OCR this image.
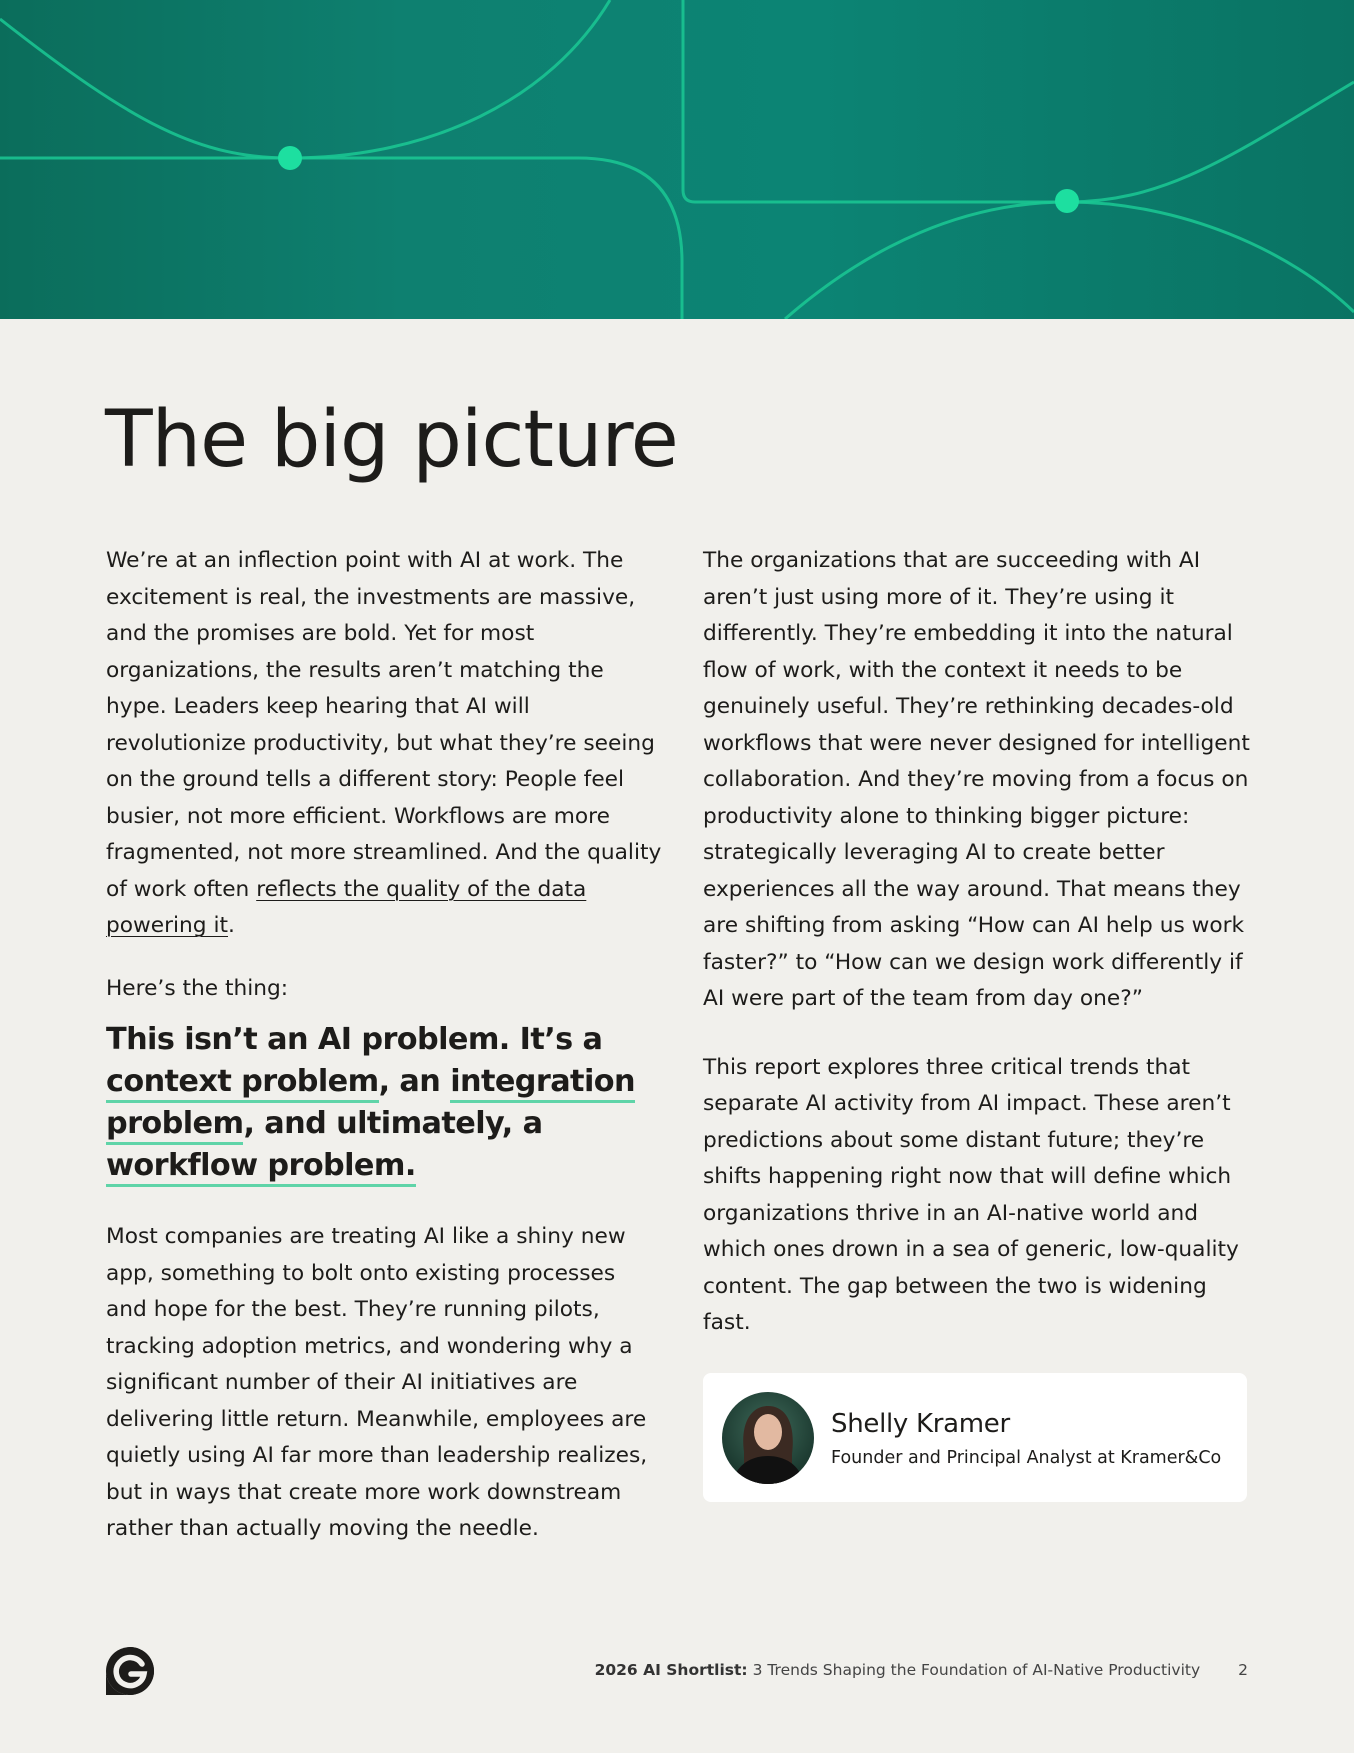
The big picture

We’re at an inflection point with AI at work. The excitement is real, the investments are massive, and the promises are bold. Yet for most organizations, the results aren’t matching the hype. Leaders keep hearing that AI will revolutionize productivity, but what they’re seeing on the ground tells a different story: People feel busier, not more efficient. Workflows are more fragmented, not more streamlined. And the quality of work often reflects the quality of the data powering it.

Here’s the thing:

This isn’t an AI problem. It’s a context problem, an integration problem, and ultimately, a workflow problem.

Most companies are treating AI like a shiny new app, something to bolt onto existing processes and hope for the best. They’re running pilots, tracking adoption metrics, and wondering why a significant number of their AI initiatives are delivering little return. Meanwhile, employees are quietly using AI far more than leadership realizes, but in ways that create more work downstream rather than actually moving the needle.

The organizations that are succeeding with AI aren’t just using more of it. They’re using it differently. They’re embedding it into the natural flow of work, with the context it needs to be genuinely useful. They’re rethinking decades-old workflows that were never designed for intelligent collaboration. And they’re moving from a focus on productivity alone to thinking bigger picture: strategically leveraging AI to create better experiences all the way around. That means they are shifting from asking “How can AI help us work faster?” to “How can we design work differently if AI were part of the team from day one?”

This report explores three critical trends that separate AI activity from AI impact. These aren’t predictions about some distant future; they’re shifts happening right now that will define which organizations thrive in an AI-native world and which ones drown in a sea of generic, low-quality content. The gap between the two is widening fast.

Shelly Kramer
Founder and Principal Analyst at Kramer&Co
2026 AI Shortlist: 3 Trends Shaping the Foundation of AI-Native Productivity 2
